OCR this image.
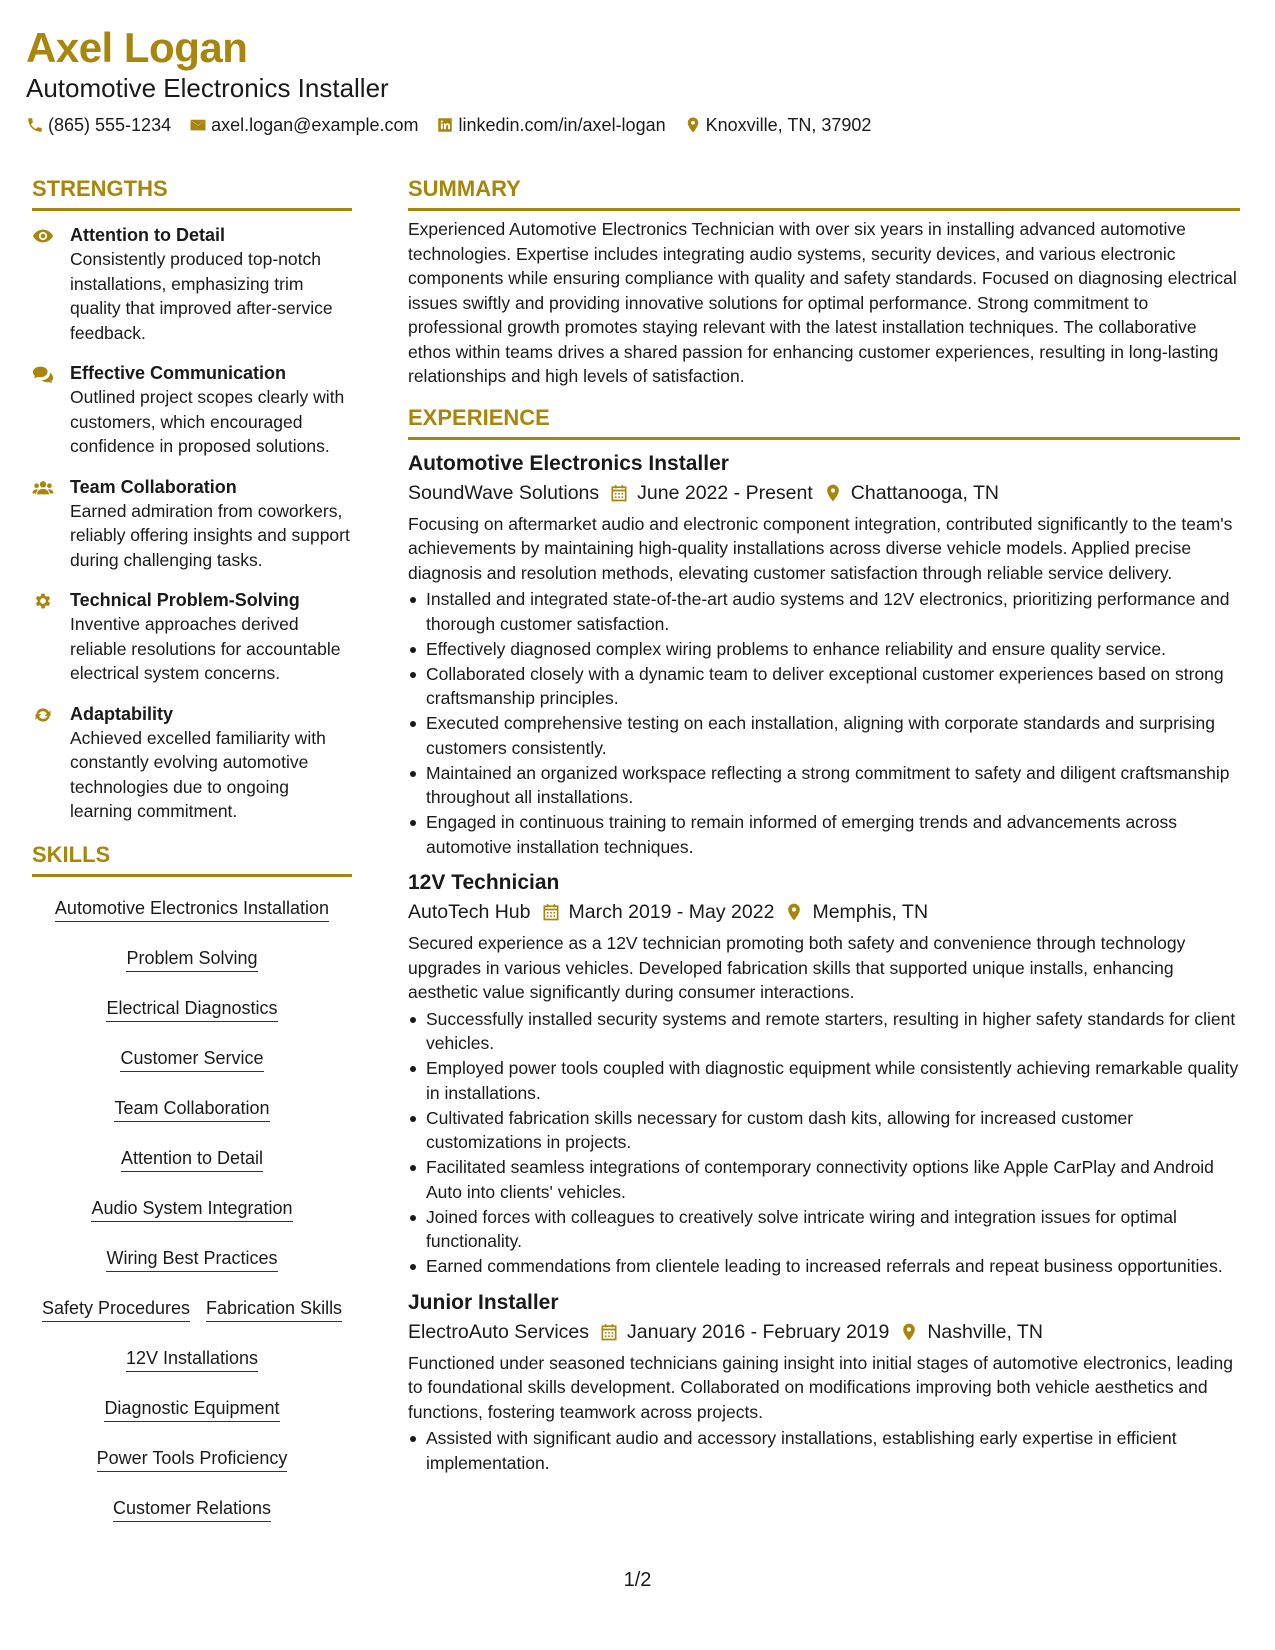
Axel Logan
Automotive Electronics Installer
(865) 555-1234 axel.logan@example.com linkedin.com/in/axel-logan Knoxville, TN, 37902
STRENGTHS
Attention to Detail
Consistently produced top-notch installations, emphasizing trim quality that improved after-service feedback.
Effective Communication
Outlined project scopes clearly with customers, which encouraged confidence in proposed solutions.
Team Collaboration
Earned admiration from coworkers, reliably offering insights and support during challenging tasks.
Technical Problem-Solving
Inventive approaches derived reliable resolutions for accountable electrical system concerns.
Adaptability
Achieved excelled familiarity with constantly evolving automotive technologies due to ongoing learning commitment.
SKILLS
Automotive Electronics Installation
Problem Solving
Electrical Diagnostics
Customer Service
Team Collaboration
Attention to Detail
Audio System Integration
Wiring Best Practices
Safety Procedures Fabrication Skills
12V Installations
Diagnostic Equipment
Power Tools Proficiency
Customer Relations
SUMMARY
Experienced Automotive Electronics Technician with over six years in installing advanced automotive technologies. Expertise includes integrating audio systems, security devices, and various electronic components while ensuring compliance with quality and safety standards. Focused on diagnosing electrical issues swiftly and providing innovative solutions for optimal performance. Strong commitment to professional growth promotes staying relevant with the latest installation techniques. The collaborative ethos within teams drives a shared passion for enhancing customer experiences, resulting in long-lasting relationships and high levels of satisfaction.
EXPERIENCE
Automotive Electronics Installer
SoundWave Solutions June 2022 - Present Chattanooga, TN
Focusing on aftermarket audio and electronic component integration, contributed significantly to the team's achievements by maintaining high-quality installations across diverse vehicle models. Applied precise diagnosis and resolution methods, elevating customer satisfaction through reliable service delivery.
Installed and integrated state-of-the-art audio systems and 12V electronics, prioritizing performance and thorough customer satisfaction.
Effectively diagnosed complex wiring problems to enhance reliability and ensure quality service.
Collaborated closely with a dynamic team to deliver exceptional customer experiences based on strong craftsmanship principles.
Executed comprehensive testing on each installation, aligning with corporate standards and surprising customers consistently.
Maintained an organized workspace reflecting a strong commitment to safety and diligent craftsmanship throughout all installations.
Engaged in continuous training to remain informed of emerging trends and advancements across automotive installation techniques.
12V Technician
AutoTech Hub March 2019 - May 2022 Memphis, TN
Secured experience as a 12V technician promoting both safety and convenience through technology upgrades in various vehicles. Developed fabrication skills that supported unique installs, enhancing aesthetic value significantly during consumer interactions.
Successfully installed security systems and remote starters, resulting in higher safety standards for client vehicles.
Employed power tools coupled with diagnostic equipment while consistently achieving remarkable quality in installations.
Cultivated fabrication skills necessary for custom dash kits, allowing for increased customer customizations in projects.
Facilitated seamless integrations of contemporary connectivity options like Apple CarPlay and Android Auto into clients' vehicles.
Joined forces with colleagues to creatively solve intricate wiring and integration issues for optimal functionality.
Earned commendations from clientele leading to increased referrals and repeat business opportunities.
Junior Installer
ElectroAuto Services January 2016 - February 2019 Nashville, TN
Functioned under seasoned technicians gaining insight into initial stages of automotive electronics, leading to foundational skills development. Collaborated on modifications improving both vehicle aesthetics and functions, fostering teamwork across projects.
Assisted with significant audio and accessory installations, establishing early expertise in efficient implementation.
1/2
